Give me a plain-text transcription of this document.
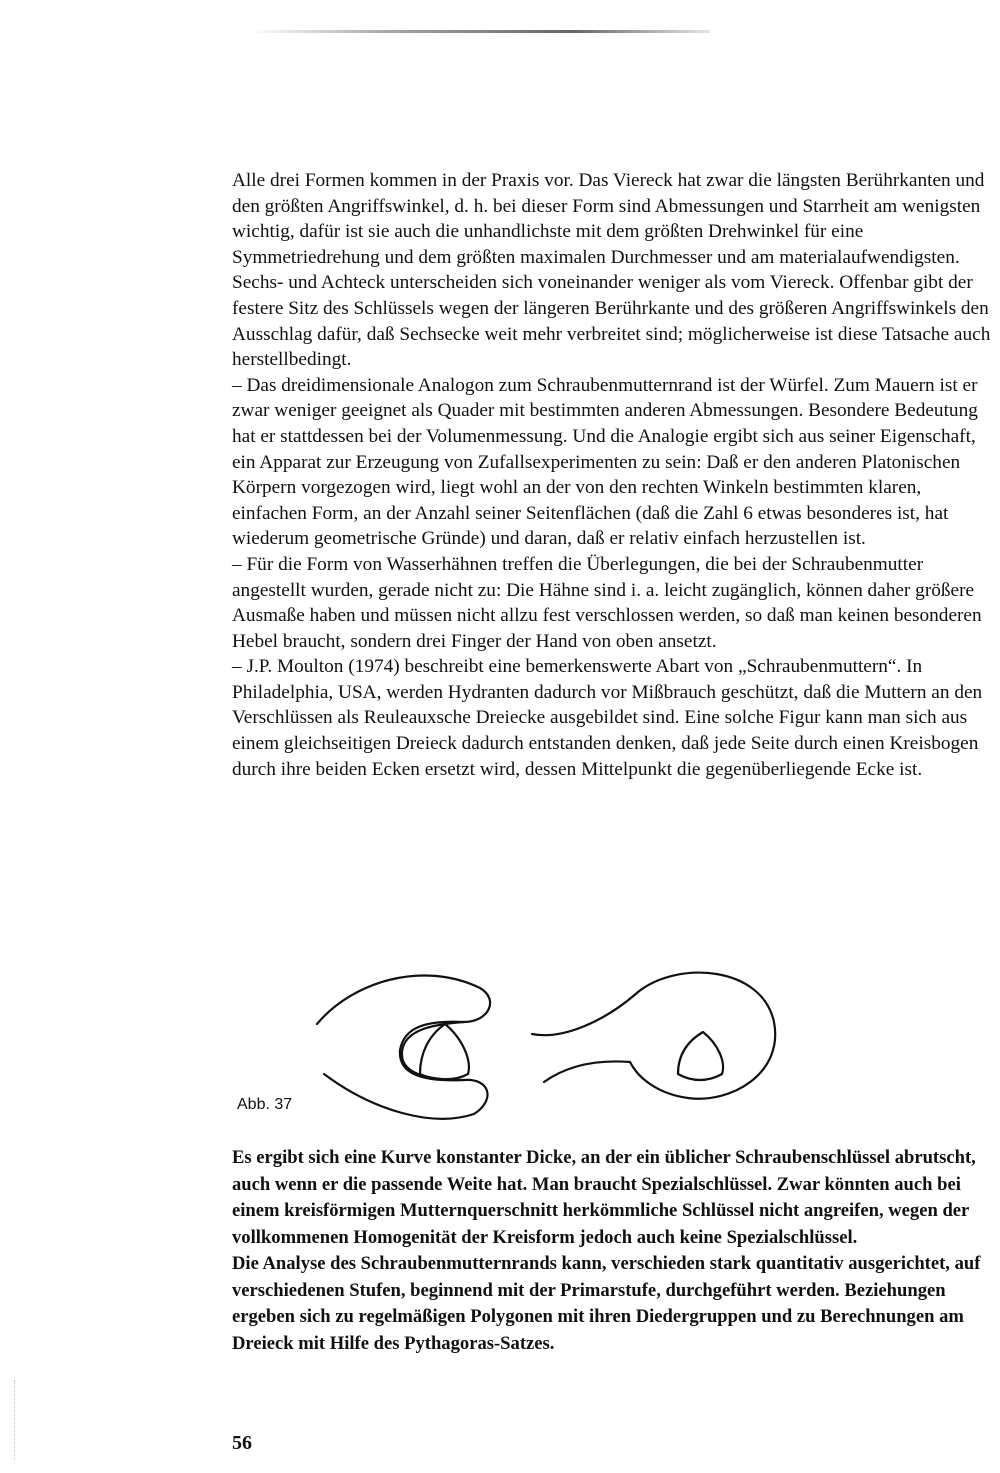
Alle drei Formen kommen in der Praxis vor. Das Viereck hat zwar die längsten Berührkanten und den größten Angriffswinkel, d. h. bei dieser Form sind Abmessungen und Starrheit am wenigsten wichtig, dafür ist sie auch die unhandlichste mit dem größten Drehwinkel für eine Symmetriedrehung und dem größten maximalen Durchmesser und am materialaufwendigsten. Sechs- und Achteck unterscheiden sich voneinander weniger als vom Viereck. Offenbar gibt der festere Sitz des Schlüssels wegen der längeren Berührkante und des größeren Angriffswinkels den Ausschlag dafür, daß Sechsecke weit mehr verbreitet sind; möglicherweise ist diese Tatsache auch herstellbedingt.

– Das dreidimensionale Analogon zum Schraubenmutternrand ist der Würfel. Zum Mauern ist er zwar weniger geeignet als Quader mit bestimmten anderen Abmessungen. Besondere Bedeutung hat er stattdessen bei der Volumenmessung. Und die Analogie ergibt sich aus seiner Eigenschaft, ein Apparat zur Erzeugung von Zufallsexperimenten zu sein: Daß er den anderen Platonischen Körpern vorgezogen wird, liegt wohl an der von den rechten Winkeln bestimmten klaren, einfachen Form, an der Anzahl seiner Seitenflächen (daß die Zahl 6 etwas besonderes ist, hat wiederum geometrische Gründe) und daran, daß er relativ einfach herzustellen ist.

– Für die Form von Wasserhähnen treffen die Überlegungen, die bei der Schraubenmutter angestellt wurden, gerade nicht zu: Die Hähne sind i. a. leicht zugänglich, können daher größere Ausmaße haben und müssen nicht allzu fest verschlossen werden, so daß man keinen besonderen Hebel braucht, sondern drei Finger der Hand von oben ansetzt.

– J.P. Moulton (1974) beschreibt eine bemerkenswerte Abart von „Schraubenmuttern“. In Philadelphia, USA, werden Hydranten dadurch vor Mißbrauch geschützt, daß die Muttern an den Verschlüssen als Reuleauxsche Dreiecke ausgebildet sind. Eine solche Figur kann man sich aus einem gleichseitigen Dreieck dadurch entstanden denken, daß jede Seite durch einen Kreisbogen durch ihre beiden Ecken ersetzt wird, dessen Mittelpunkt die gegenüberliegende Ecke ist.

Abb. 37

Es ergibt sich eine Kurve konstanter Dicke, an der ein üblicher Schraubenschlüssel abrutscht, auch wenn er die passende Weite hat. Man braucht Spezialschlüssel. Zwar könnten auch bei einem kreisförmigen Mutternquerschnitt herkömmliche Schlüssel nicht angreifen, wegen der vollkommenen Homogenität der Kreisform jedoch auch keine Spezialschlüssel.

Die Analyse des Schraubenmutternrands kann, verschieden stark quantitativ ausgerichtet, auf verschiedenen Stufen, beginnend mit der Primarstufe, durchgeführt werden. Beziehungen ergeben sich zu regelmäßigen Polygonen mit ihren Diedergruppen und zu Berechnungen am Dreieck mit Hilfe des Pythagoras-Satzes.

56
